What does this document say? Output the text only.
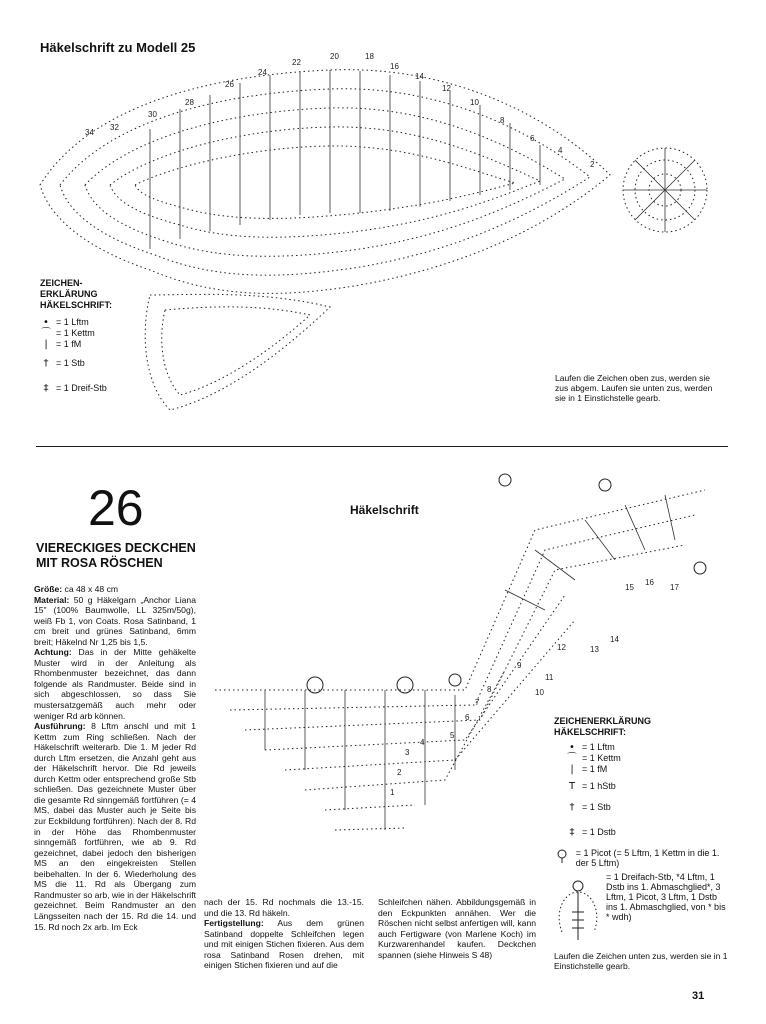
Häkelschrift zu Modell 25
34
32
30
28
26
24
22
20	18
16
14
12
10
8
6
4
2
ZEICHEN-
ERKLÄRUNG
HÄKELSCHRIFT:
• = 1 Lftm
⌒ = 1 Kettm
| = 1 fM
† = 1 Stb
‡ = 1 Dreif-Stb
Laufen die Zeichen oben zus, werden sie zus abgem. Laufen sie unten zus, werden sie in 1 Einstichstelle gearb.
26
VIERECKIGES DECKCHEN
MIT ROSA RÖSCHEN
Häkelschrift

Größe: ca 48 x 48 cm

Material: 50 g Häkelgarn „Anchor Liana 15" (100% Baumwolle, LL 325m/50g), weiß Fb 1, von Coats. Rosa Satinband, 1 cm breit und grünes Satinband, 6mm breit; Häkelnd Nr 1,25 bis 1,5.

Achtung: Das in der Mitte gehäkelte Muster wird in der Anleitung als Rhombenmuster bezeichnet, das dann folgende als Randmuster. Beide sind in sich abgeschlossen, so dass Sie mustersatzgemäß auch mehr oder weniger Rd arb können.

Ausführung: 8 Lftm anschl und mit 1 Kettm zum Ring schließen. Nach der Häkelschrift weiterarb. Die 1. M jeder Rd durch Lftm ersetzen, die Anzahl geht aus der Häkelschrift hervor. Die Rd jeweils durch Kettm oder entsprechend große Stb schließen. Das gezeichnete Muster über die gesamte Rd sinngemäß fortführen (= 4 MS, dabei das Muster auch je Seite bis zur Eckbildung fortführen). Nach der 8. Rd in der Höhe das Rhombenmuster sinngemäß fortführen, wie ab 9. Rd gezeichnet, dabei jedoch den bisherigen MS an den eingekreisten Stellen beibehalten. In der 6. Wiederholung des MS die 11. Rd als Übergang zum Randmuster so arb, wie in der Häkelschrift gezeichnet. Beim Randmuster an den Längsseiten nach der 15. Rd die 14. und 15. Rd noch 2x arb. Im Eck

nach der 15. Rd nochmals die 13.-15. und die 13. Rd häkeln.

Fertigstellung: Aus dem grünen Satinband doppelte Schleifchen legen und mit einigen Stichen fixieren. Aus dem rosa Satinband Rosen drehen, mit einigen Stichen fixieren und auf die

Schleifchen nähen. Abbildungsgemäß in den Eckpunkten annähen. Wer die Röschen nicht selbst anfertigen will, kann auch Fertigware (von Marlene Koch) im Kurzwarenhandel kaufen. Deckchen spannen (siehe Hinweis S 48)

1
2
3
4
5
6
7
8
9
10
11
12	13
14
15
16
17
ZEICHENERKLÄRUNG
HÄKELSCHRIFT:
• = 1 Lftm
⌒ = 1 Kettm
| = 1 fM
T = 1 hStb
† = 1 Stb
‡ = 1 Dstb
= 1 Picot (= 5 Lftm, 1 Kettm in die 1. der 5 Lftm)
= 1 Dreifach-Stb, *4 Lftm, 1 Dstb ins 1. Abmaschglied*, 3 Lftm, 1 Picot, 3 Lftm, 1 Dstb ins 1. Abmaschglied, von * bis * wdh)
Laufen die Zeichen unten zus, werden sie in 1 Einstichstelle gearb.
31
